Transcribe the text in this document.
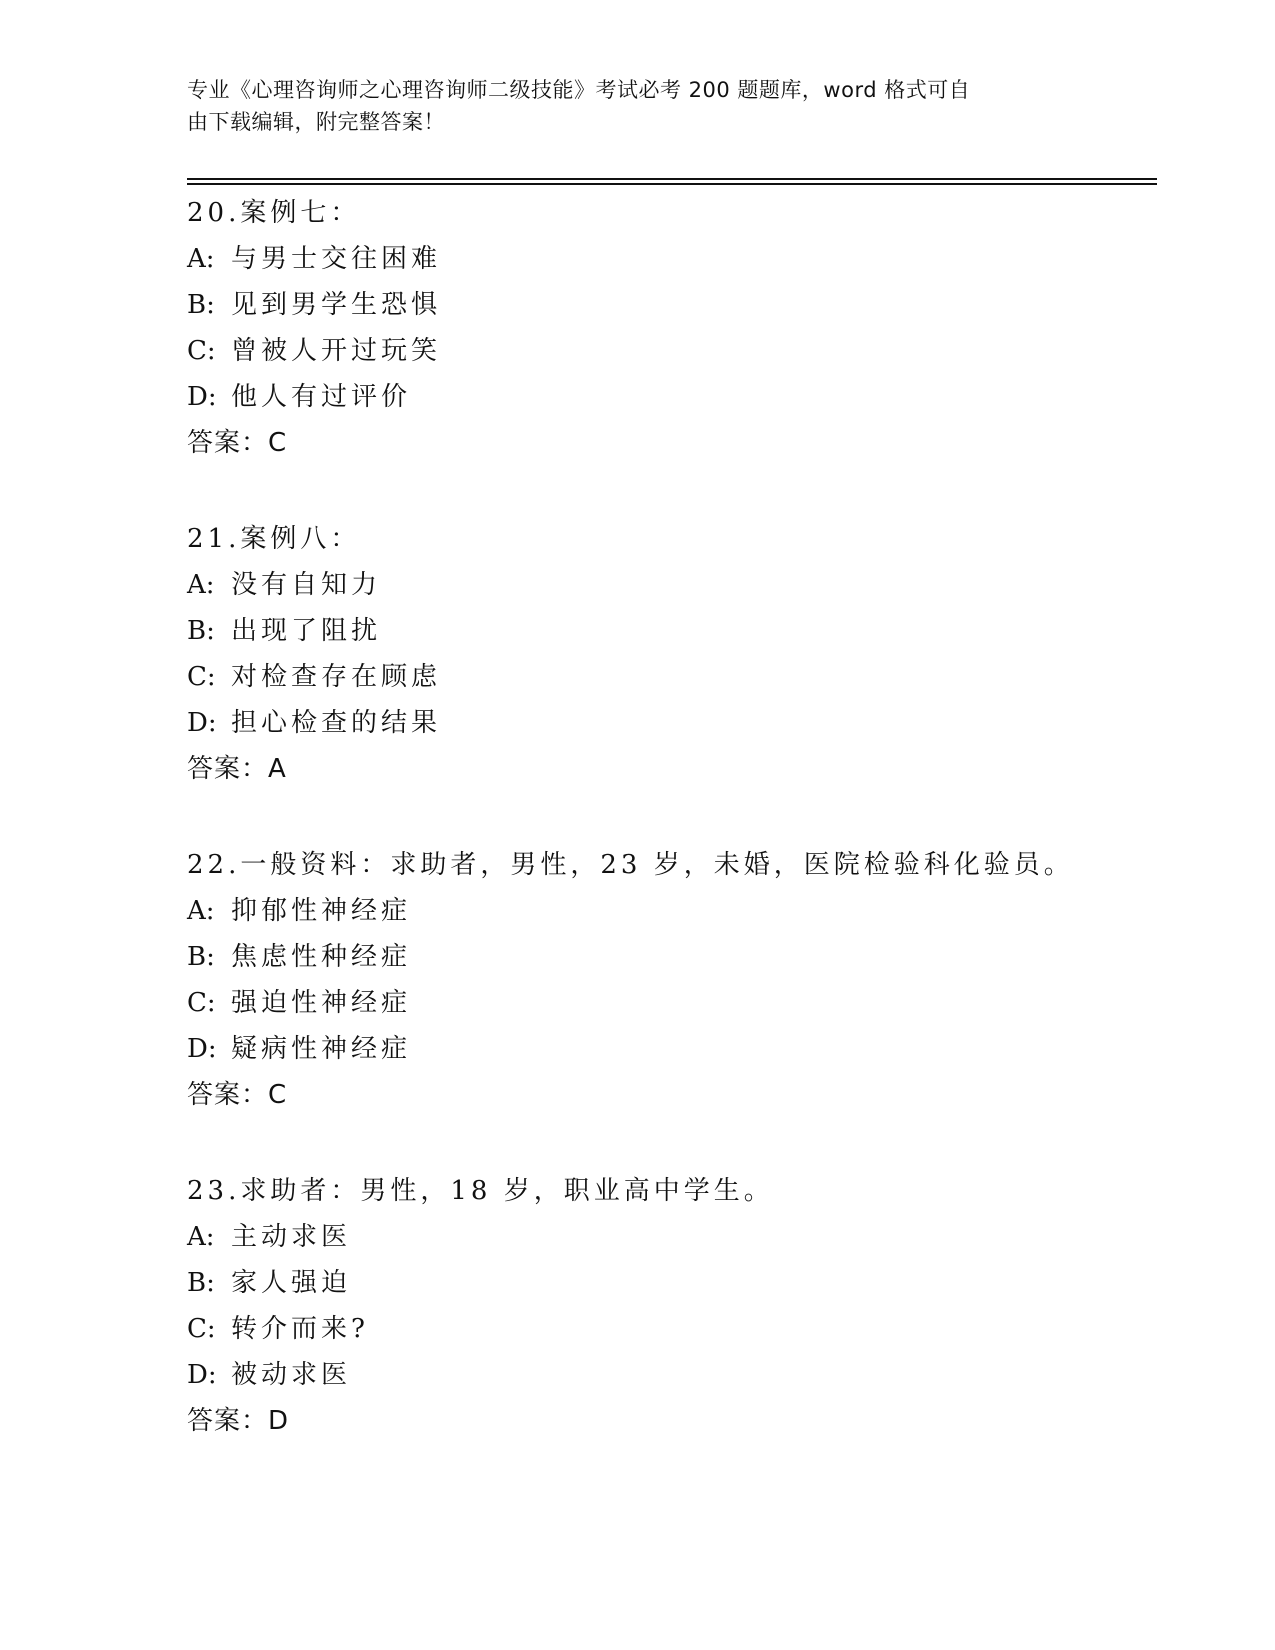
专业《心理咨询师之心理咨询师二级技能》考试必考 200 题题库，word 格式可自
由下载编辑，附完整答案！
20.案例七：
A: 与男士交往困难
B: 见到男学生恐惧
C: 曾被人开过玩笑
D: 他人有过评价
答案：C
21.案例八：
A: 没有自知力
B: 出现了阻扰
C: 对检查存在顾虑
D: 担心检查的结果
答案：A
22.一般资料：求助者，男性，23 岁，未婚，医院检验科化验员。
A: 抑郁性神经症
B: 焦虑性种经症
C: 强迫性神经症
D: 疑病性神经症
答案：C
23.求助者：男性，18 岁，职业高中学生。
A: 主动求医
B: 家人强迫
C: 转介而来?
D: 被动求医
答案：D
